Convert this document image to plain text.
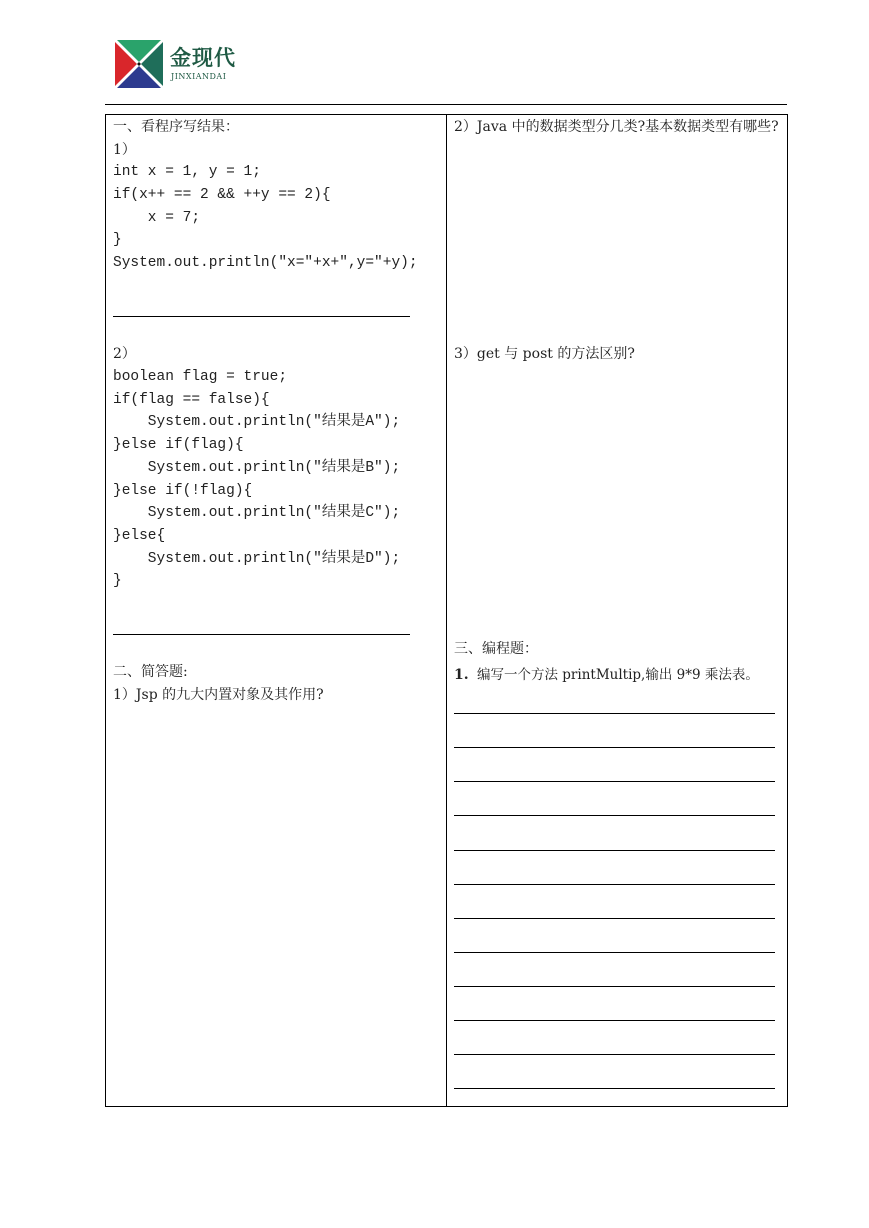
金现代
JINXIANDAI
一、看程序写结果：
1）
int x = 1, y = 1;
if(x++ == 2 && ++y == 2){
x = 7;
}
System.out.println("x="+x+",y="+y);
2）
boolean flag = true;
if(flag == false){
System.out.println("结果是A");
}else if(flag){
System.out.println("结果是B");
}else if(!flag){
System.out.println("结果是C");
}else{
System.out.println("结果是D");
}
二、简答题:
1）Jsp 的九大内置对象及其作用?
2）Java 中的数据类型分几类?基本数据类型有哪些?
3）get 与 post 的方法区别?
三、编程题：
1. 编写一个方法 printMultip,输出 9*9 乘法表。
